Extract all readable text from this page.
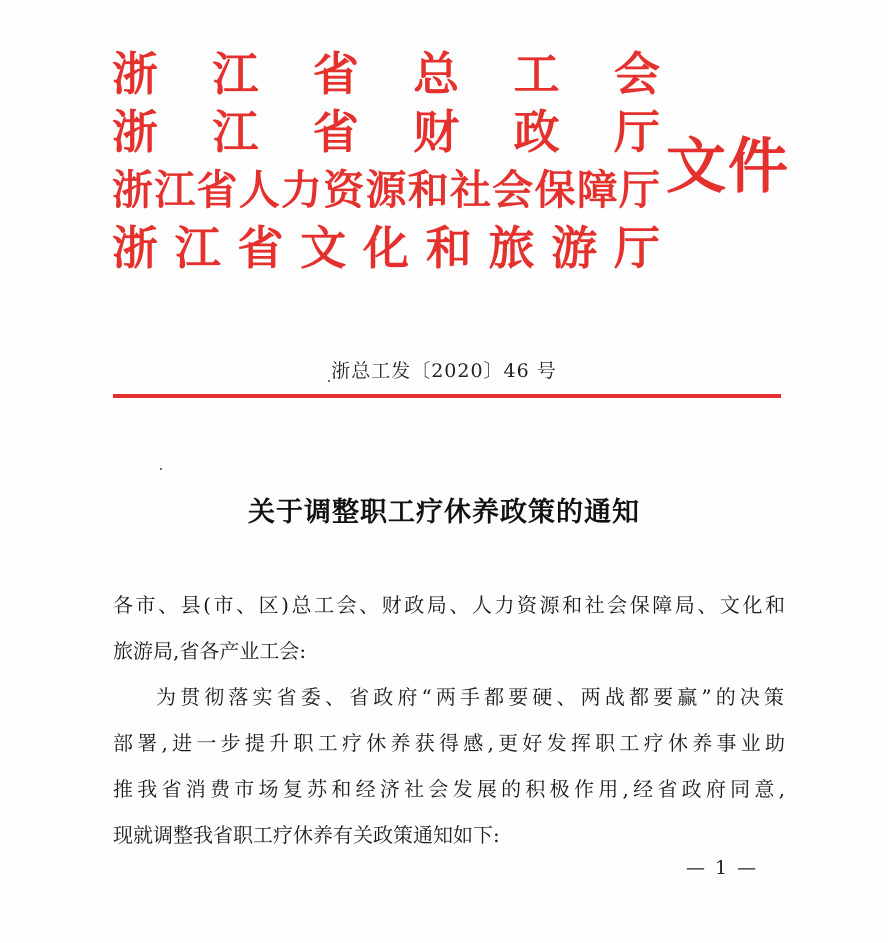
浙 江 省 总 工 会
浙 江 省 财 政 厅
浙 江 省 人 力 资 源 和 社 会 保 障 厅
浙 江 省 文 化 和 旅 游 厅
文件
浙总工发〔2020〕46 号
关于调整职工疗休养政策的通知
各市、县(市、区)总工会、财政局、人力资源和社会保障局、文化和
旅游局,省各产业工会:
为贯彻落实省委、省政府“两手都要硬、两战都要赢”的决策
部署,进一步提升职工疗休养获得感,更好发挥职工疗休养事业助
推我省消费市场复苏和经济社会发展的积极作用,经省政府同意,
现就调整我省职工疗休养有关政策通知如下:
— 1 —
